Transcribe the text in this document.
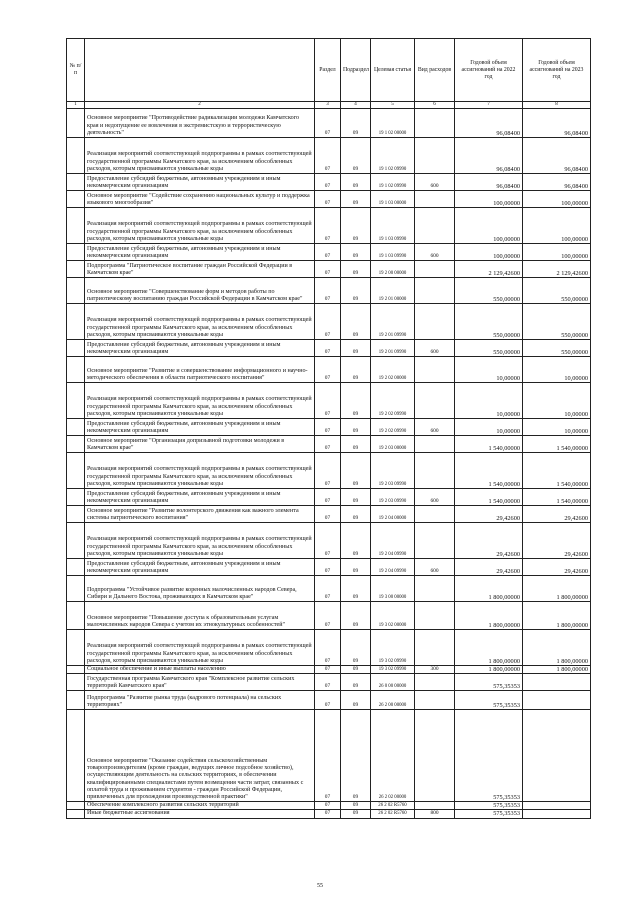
№ п/п		Раздел	Подраздел	Целевая статья	Вид расходов	Годовой объем ассигнований на 2022 год	Годовой объем ассигнований на 2023 год
1	2	3	4	5	6	7	8
	Основное мероприятие "Противодействие радикализации молодежи Камчатского края и недопущение ее вовлечения в экстремистскую и террористическую деятельность"	07	09	19 1 02 00000		96,08400	96,08400
	Реализация мероприятий соответствующей подпрограммы в рамках соответствующей государственной программы Камчатского края, за исключением обособленных расходов, которым присваиваются уникальные коды	07	09	19 1 02 09990		96,08400	96,08400
	Предоставление субсидий бюджетным, автономным учреждениям и иным некоммерческим организациям	07	09	19 1 02 09990	600	96,08400	96,08400
	Основное мероприятие "Содействие сохранению национальных культур и поддержка языкового многообразия"	07	09	19 1 03 00000		100,00000	100,00000
	Реализация мероприятий соответствующей подпрограммы в рамках соответствующей государственной программы Камчатского края, за исключением обособленных расходов, которым присваиваются уникальные коды	07	09	19 1 03 09990		100,00000	100,00000
	Предоставление субсидий бюджетным, автономным учреждениям и иным некоммерческим организациям	07	09	19 1 03 09990	600	100,00000	100,00000
	Подпрограмма "Патриотическое воспитание граждан Российской Федерации в Камчатском крае"	07	09	19 2 00 00000		2 129,42600	2 129,42600
	Основное мероприятие "Совершенствование форм и методов работы по патриотическому воспитанию граждан Российской Федерации в Камчатском крае"	07	09	19 2 01 00000		550,00000	550,00000
	Реализация мероприятий соответствующей подпрограммы в рамках соответствующей государственной программы Камчатского края, за исключением обособленных расходов, которым присваиваются уникальные коды	07	09	19 2 01 09990		550,00000	550,00000
	Предоставление субсидий бюджетным, автономным учреждениям и иным некоммерческим организациям	07	09	19 2 01 09990	600	550,00000	550,00000
	Основное мероприятие "Развитие и совершенствование информационного и научно-методического обеспечения в области патриотического воспитания"	07	09	19 2 02 00000		10,00000	10,00000
	Реализация мероприятий соответствующей подпрограммы в рамках соответствующей государственной программы Камчатского края, за исключением обособленных расходов, которым присваиваются уникальные коды	07	09	19 2 02 09990		10,00000	10,00000
	Предоставление субсидий бюджетным, автономным учреждениям и иным некоммерческим организациям	07	09	19 2 02 09990	600	10,00000	10,00000
	Основное мероприятие "Организация допризывной подготовки молодежи в Камчатском крае"	07	09	19 2 03 00000		1 540,00000	1 540,00000
	Реализация мероприятий соответствующей подпрограммы в рамках соответствующей государственной программы Камчатского края, за исключением обособленных расходов, которым присваиваются уникальные коды	07	09	19 2 03 09990		1 540,00000	1 540,00000
	Предоставление субсидий бюджетным, автономным учреждениям и иным некоммерческим организациям	07	09	19 2 03 09990	600	1 540,00000	1 540,00000
	Основное мероприятие "Развитие волонтерского движения как важного элемента системы патриотического воспитания"	07	09	19 2 04 00000		29,42600	29,42600
	Реализация мероприятий соответствующей подпрограммы в рамках соответствующей государственной программы Камчатского края, за исключением обособленных расходов, которым присваиваются уникальные коды	07	09	19 2 04 09990		29,42600	29,42600
	Предоставление субсидий бюджетным, автономным учреждениям и иным некоммерческим организациям	07	09	19 2 04 09990	600	29,42600	29,42600
	Подпрограмма "Устойчивое развитие коренных малочисленных народов Севера, Сибири и Дальнего Востока, проживающих в Камчатском крае"	07	09	19 3 00 00000		1 800,00000	1 800,00000
	Основное мероприятие "Повышение доступа к образовательным услугам малочисленных народов Севера с учетом их этнокультурных особенностей"	07	09	19 3 02 00000		1 800,00000	1 800,00000
	Реализация мероприятий соответствующей подпрограммы в рамках соответствующей государственной программы Камчатского края, за исключением обособленных расходов, которым присваиваются уникальные коды	07	09	19 3 02 09990		1 800,00000	1 800,00000
	Социальное обеспечение и иные выплаты населению	07	09	19 3 02 09990	300	1 800,00000	1 800,00000
	Государственная программа Камчатского края "Комплексное развитие сельских территорий Камчатского края"	07	09	26 0 00 00000		575,35353	
	Подпрограмма "Развитие рынка труда (кадрового потенциала) на сельских территориях"	07	09	26 2 00 00000		575,35353	
	Основное мероприятие "Оказание содействия сельскохозяйственным товаропроизводителям (кроме граждан, ведущих личное подсобное хозяйство), осуществляющим деятельность на сельских территориях, в обеспечении квалифицированными специалистами путем возмещения части затрат, связанных с оплатой труда и проживанием студентов - граждан Российской Федерации, привлеченных для прохождения производственной практики"	07	09	26 2 02 00000		575,35353	
	Обеспечение комплексного развития сельских территорий	07	09	26 2 02 R5760		575,35353	
	Иные бюджетные ассигнования	07	09	26 2 02 R5760	800	575,35353	
55
